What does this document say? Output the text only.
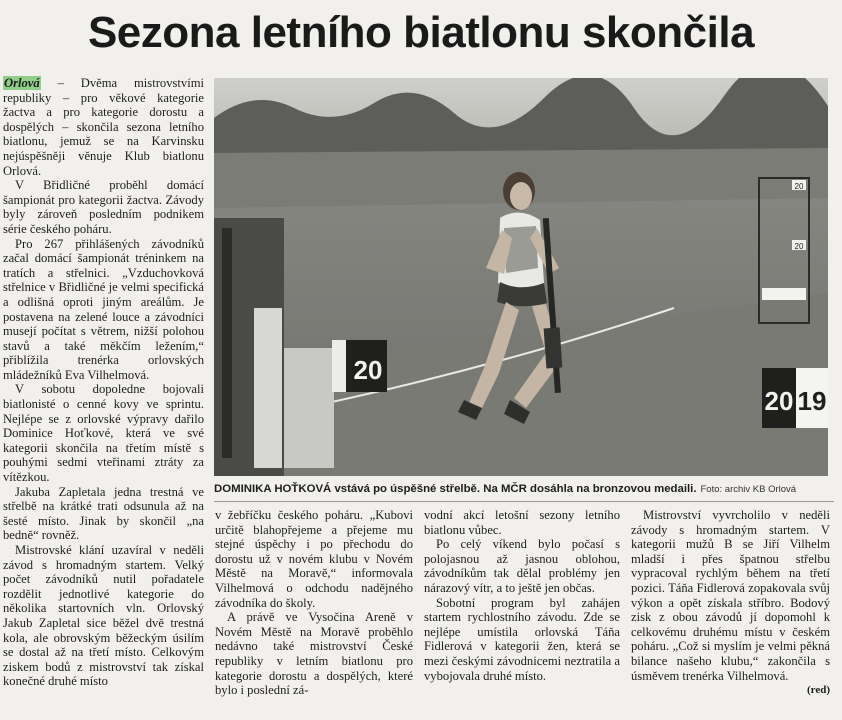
Sezona letního biatlonu skončila

Orlová – Dvěma mistrovstvími republiky – pro věkové kategorie žactva a pro kategorie dorostu a dospělých – skončila sezona letního biatlonu, jemuž se na Karvinsku nejúspěšněji věnuje Klub biatlonu Orlová.

V Břidličné proběhl domácí šampionát pro kategorii žactva. Závody byly zároveň posledním podnikem série českého poháru.

Pro 267 přihlášených závodníků začal domácí šampionát tréninkem na tratích a střelnici. „Vzduchovková střelnice v Břidličné je velmi specifická a odlišná oproti jiným areálům. Je postavena na zelené louce a závodníci musejí počítat s větrem, nižší polohou stavů a také měkčím ležením,“ přiblížila trenérka orlovských mládežníků Eva Vilhelmová.

V sobotu dopoledne bojovali biatlonisté o cenné kovy ve sprintu. Nejlépe se z orlovské výpravy dařilo Dominice Hoťkové, která ve své kategorii skončila na třetím místě s pouhými sedmi vteřinami ztráty za vítězkou.

Jakuba Zapletala jedna trestná ve střelbě na krátké trati odsunula až na šesté místo. Jinak by skončil „na bedně“ rovněž.

Mistrovské klání uzavíral v neděli závod s hromadným startem. Velký počet závodníků nutil pořadatele rozdělit jednotlivé kategorie do několika startovních vln. Orlovský Jakub Zapletal sice běžel dvě trestná kola, ale obrovským běžeckým úsilím se dostal až na třetí místo. Celkovým ziskem bodů z mistrovství tak získal konečné druhé místo

20
20
20
20 19
DOMINIKA HOŤKOVÁ vstává po úspěšné střelbě. Na MČR dosáhla na bronzovou medaili. Foto: archiv KB Orlová

v žebříčku českého poháru. „Kubovi určitě blahopřejeme a přejeme mu stejné úspěchy i po přechodu do dorostu už v novém klubu v Novém Městě na Moravě,“ informovala Vilhelmová o odchodu nadějného závodníka do školy.

A právě ve Vysočina Areně v Novém Městě na Moravě proběhlo nedávno také mistrovství České republiky v letním biatlonu pro kategorie dorostu a dospělých, které bylo i poslední zá-

vodní akcí letošní sezony letního biatlonu vůbec.

Po celý víkend bylo počasí s polojasnou až jasnou oblohou, závodníkům tak dělal problémy jen nárazový vítr, a to ještě jen občas.

Sobotní program byl zahájen startem rychlostního závodu. Zde se nejlépe umístila orlovská Táňa Fidlerová v kategorii žen, která se mezi českými závodnicemi neztratila a vybojovala druhé místo.

Mistrovství vyvrcholilo v neděli závody s hromadným startem. V kategorii mužů B se Jiří Vilhelm mladší i přes špatnou střelbu vypracoval rychlým během na třetí pozici. Táňa Fidlerová zopakovala svůj výkon a opět získala stříbro. Bodový zisk z obou závodů jí dopomohl k celkovému druhému místu v českém poháru. „Což si myslím je velmi pěkná bilance našeho klubu,“ zakončila s úsměvem trenérka Vilhelmová.

(red)
